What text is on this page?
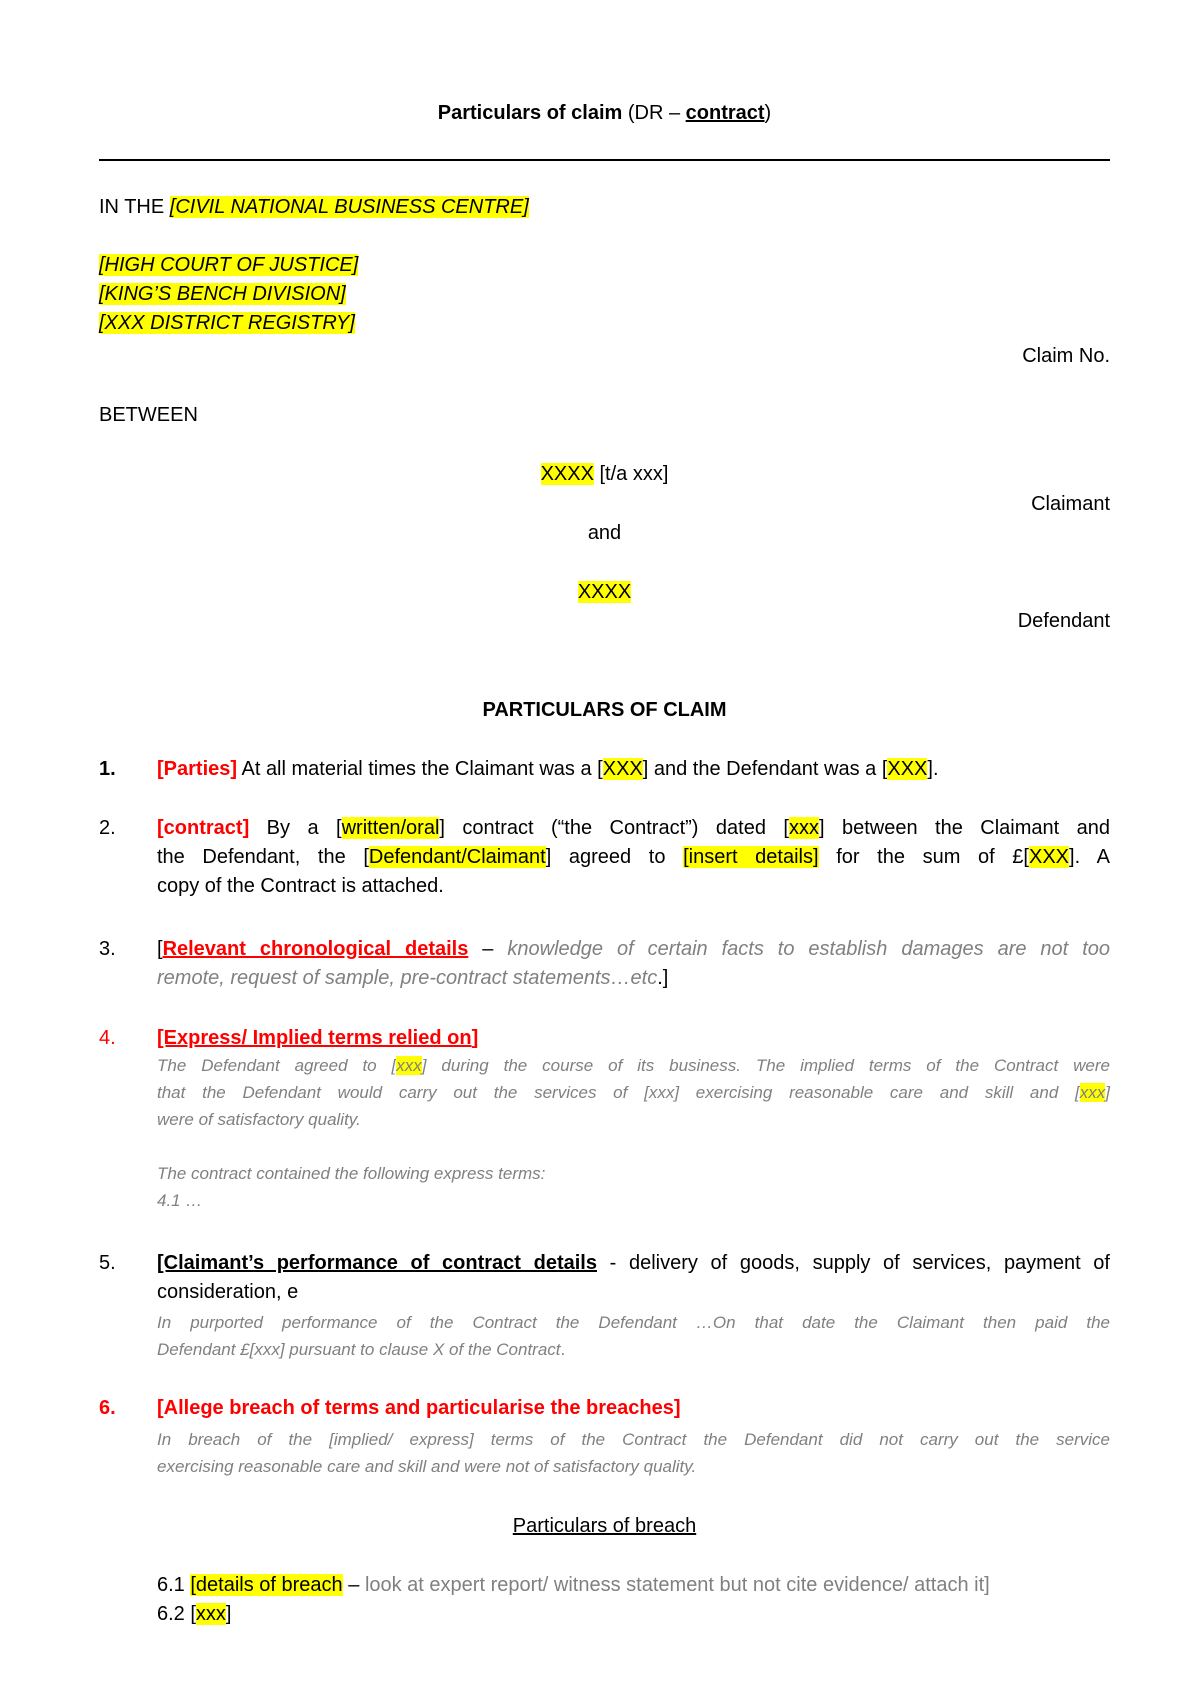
Particulars of claim (DR – contract)
IN THE [CIVIL NATIONAL BUSINESS CENTRE]
[HIGH COURT OF JUSTICE]
[KING’S BENCH DIVISION]
[XXX DISTRICT REGISTRY]
Claim No.
BETWEEN
XXXX [t/a xxx]
Claimant
and
XXXX
Defendant
PARTICULARS OF CLAIM
1.	[Parties] At all material times the Claimant was a [XXX] and the Defendant was a [XXX].
2.	[contract] By a [written/oral] contract (“the Contract”) dated [xxx] between the Claimant and
the Defendant, the [Defendant/Claimant] agreed to [insert details] for the sum of £[XXX]. A
copy of the Contract is attached.
3.	[Relevant chronological details – knowledge of certain facts to establish damages are not too
remote, request of sample, pre-contract statements…etc.]
4.	[Express/ Implied terms relied on]
The Defendant agreed to [xxx] during the course of its business. The implied terms of the Contract were
that the Defendant would carry out the services of [xxx] exercising reasonable care and skill and [xxx]
were of satisfactory quality.
The contract contained the following express terms:
4.1 …
5.	[Claimant’s performance of contract details - delivery of goods, supply of services, payment of
consideration, e
In purported performance of the Contract the Defendant …On that date the Claimant then paid the
Defendant £[xxx] pursuant to clause X of the Contract.
6.	[Allege breach of terms and particularise the breaches]
In breach of the [implied/ express] terms of the Contract the Defendant did not carry out the service
exercising reasonable care and skill and were not of satisfactory quality.
Particulars of breach
6.1 [details of breach – look at expert report/ witness statement but not cite evidence/ attach it]
6.2 [xxx]
